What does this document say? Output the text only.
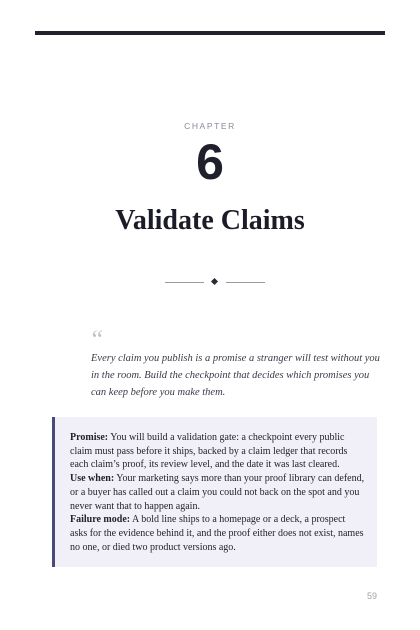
CHAPTER
6
Validate Claims
“

Every claim you publish is a promise a stranger will test without you in the room. Build the checkpoint that decides which promises you can keep before you make them.

Promise: You will build a validation gate: a checkpoint every public claim must pass before it ships, backed by a claim ledger that records each claim’s proof, its review level, and the date it was last cleared.

Use when: Your marketing says more than your proof library can defend, or a buyer has called out a claim you could not back on the spot and you never want that to happen again.

Failure mode: A bold line ships to a homepage or a deck, a prospect asks for the evidence behind it, and the proof either does not exist, names no one, or died two product versions ago.

59
